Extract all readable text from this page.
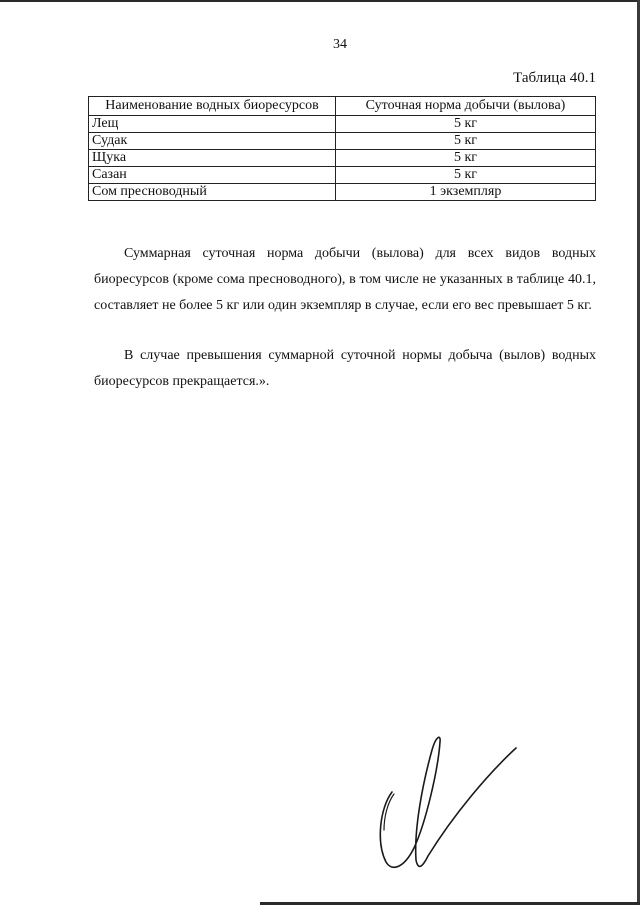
34
Таблица 40.1
Наименование водных биоресурсов	Суточная норма добычи (вылова)
Лещ	5 кг
Судак	5 кг
Щука	5 кг
Сазан	5 кг
Сом пресноводный	1 экземпляр

Суммарная суточная норма добычи (вылова) для всех видов водных биоресурсов (кроме сома пресноводного), в том числе не указанных в таблице 40.1, составляет не более 5 кг или один экземпляр в случае, если его вес превышает 5 кг.

В случае превышения суммарной суточной нормы добыча (вылов) водных биоресурсов прекращается.».
